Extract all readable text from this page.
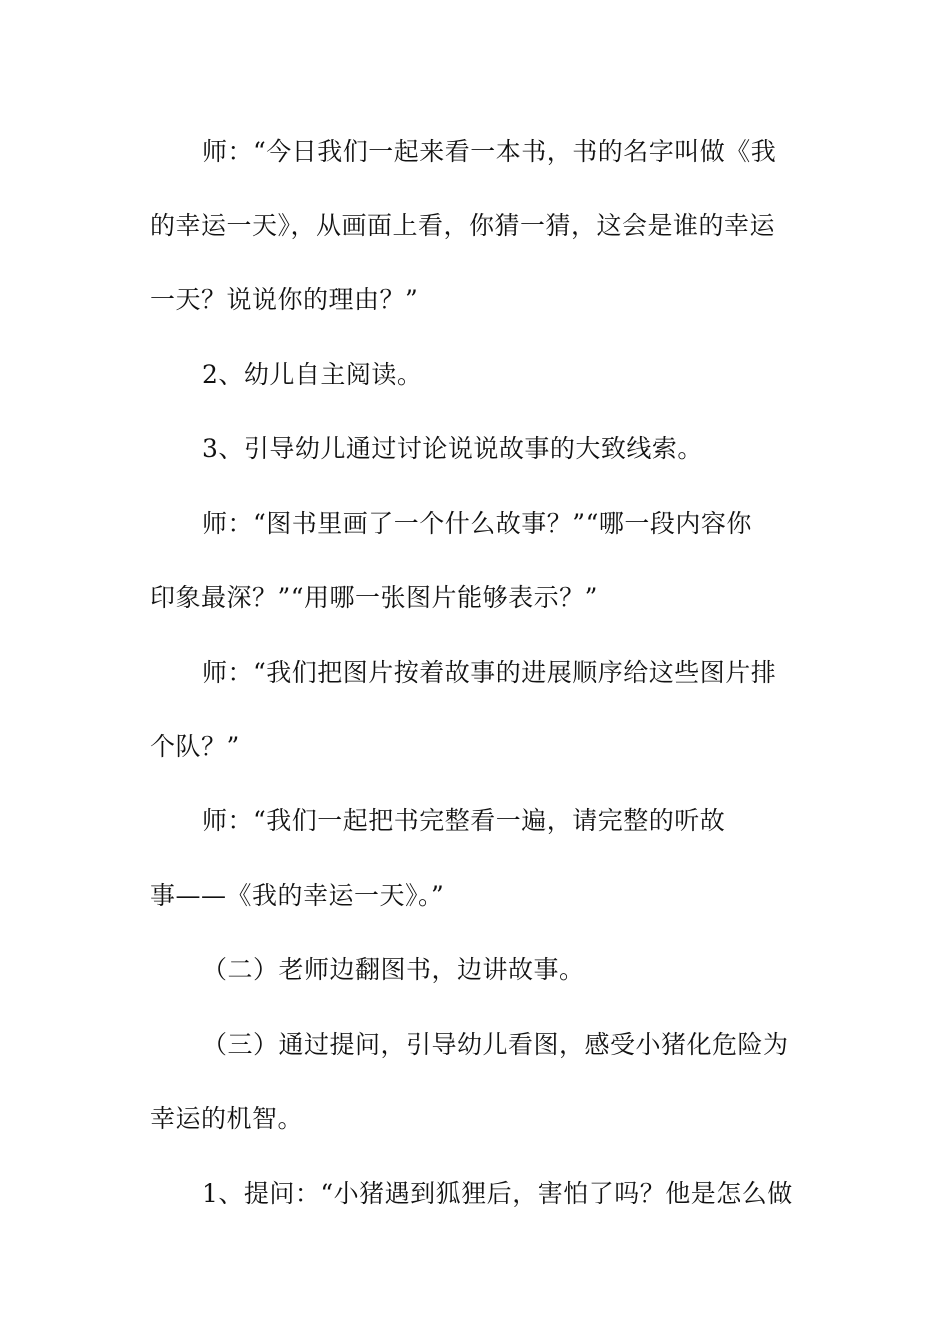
师：“今日我们一起来看一本书，书的名字叫做《我

的幸运一天》，从画面上看，你猜一猜，这会是谁的幸运

一天？说说你的理由？”

2、幼儿自主阅读。

3、引导幼儿通过讨论说说故事的大致线索。

师：“图书里画了一个什么故事？”“哪一段内容你

印象最深？”“用哪一张图片能够表示？”

师：“我们把图片按着故事的进展顺序给这些图片排

个队？”

师：“我们一起把书完整看一遍，请完整的听故

事——《我的幸运一天》。”

（二）老师边翻图书，边讲故事。

（三）通过提问，引导幼儿看图，感受小猪化危险为

幸运的机智。

1、提问：“小猪遇到狐狸后，害怕了吗？他是怎么做
